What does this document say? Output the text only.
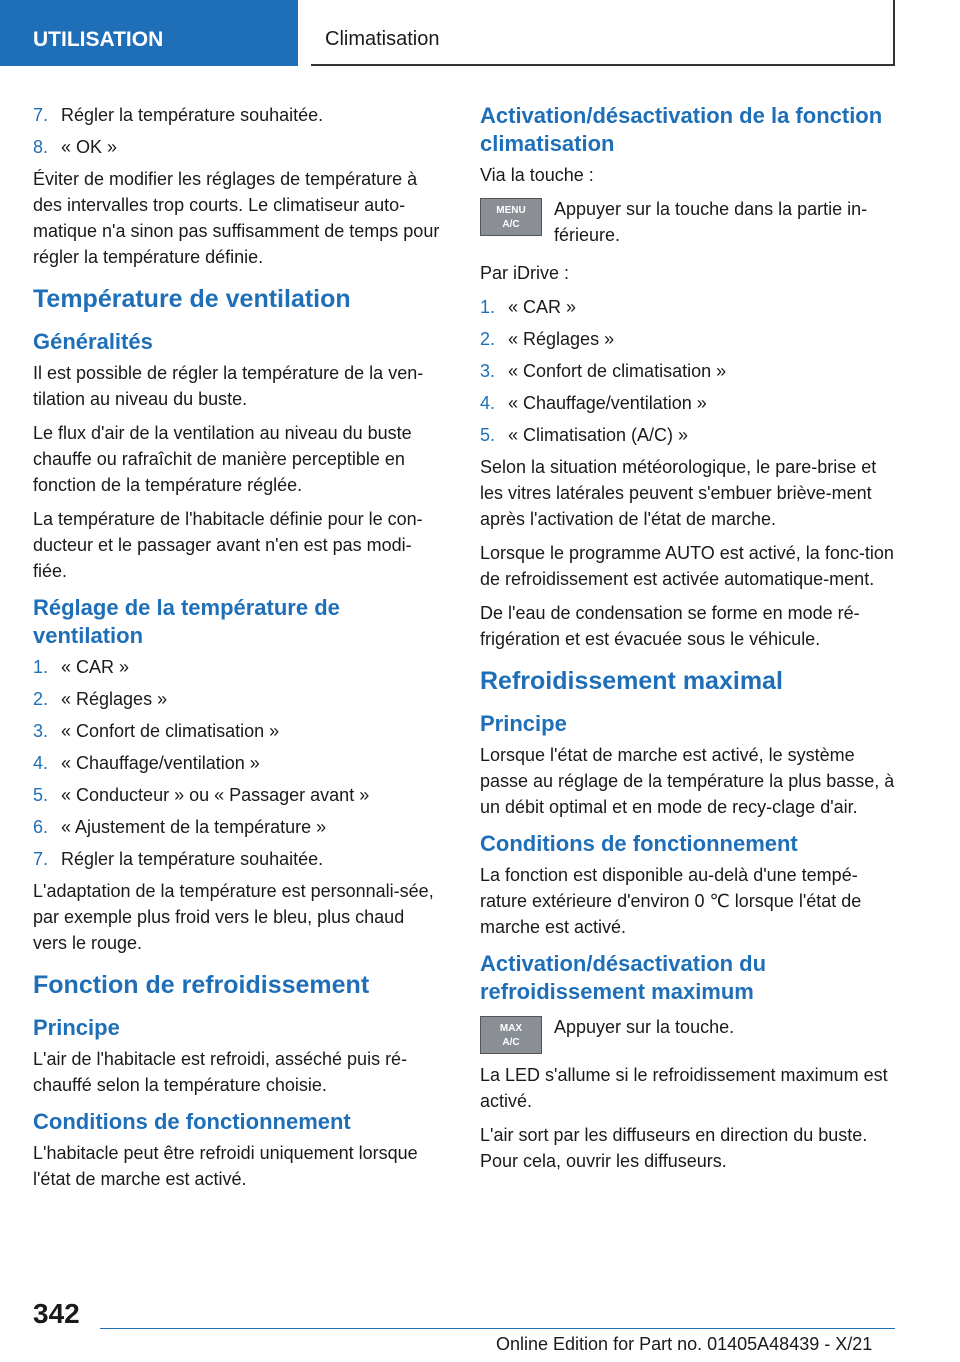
UTILISATION	Climatisation
7. Régler la température souhaitée.
8. « OK »

Éviter de modifier les réglages de température à des intervalles trop courts. Le climatiseur auto-matique n'a sinon pas suffisamment de temps pour régler la température définie.

Température de ventilation
Généralités

Il est possible de régler la température de la ven-tilation au niveau du buste.

Le flux d'air de la ventilation au niveau du buste chauffe ou rafraîchit de manière perceptible en fonction de la température réglée.

La température de l'habitacle définie pour le con-ducteur et le passager avant n'en est pas modi-fiée.

Réglage de la température de ventilation
1. « CAR »
2. « Réglages »
3. « Confort de climatisation »
4. « Chauffage/ventilation »
5. « Conducteur » ou « Passager avant »
6. « Ajustement de la température »
7. Régler la température souhaitée.

L'adaptation de la température est personnali-sée, par exemple plus froid vers le bleu, plus chaud vers le rouge.

Fonction de refroidissement
Principe

L'air de l'habitacle est refroidi, asséché puis ré-chauffé selon la température choisie.

Conditions de fonctionnement

L'habitacle peut être refroidi uniquement lorsque l'état de marche est activé.

Activation/désactivation de la fonction climatisation

Via la touche :

MENU
A/C

Appuyer sur la touche dans la partie in-férieure.

Par iDrive :

1. « CAR »
2. « Réglages »
3. « Confort de climatisation »
4. « Chauffage/ventilation »
5. « Climatisation (A/C) »

Selon la situation météorologique, le pare-brise et les vitres latérales peuvent s'embuer briève-ment après l'activation de l'état de marche.

Lorsque le programme AUTO est activé, la fonc-tion de refroidissement est activée automatique-ment.

De l'eau de condensation se forme en mode ré-frigération et est évacuée sous le véhicule.

Refroidissement maximal
Principe

Lorsque l'état de marche est activé, le système passe au réglage de la température la plus basse, à un débit optimal et en mode de recy-clage d'air.

Conditions de fonctionnement

La fonction est disponible au-delà d'une tempé-rature extérieure d'environ 0 ℃ lorsque l'état de marche est activé.

Activation/désactivation du refroidissement maximum
MAX
A/C

Appuyer sur la touche.

La LED s'allume si le refroidissement maximum est activé.

L'air sort par les diffuseurs en direction du buste. Pour cela, ouvrir les diffuseurs.

342
Online Edition for Part no. 01405A48439 - X/21
